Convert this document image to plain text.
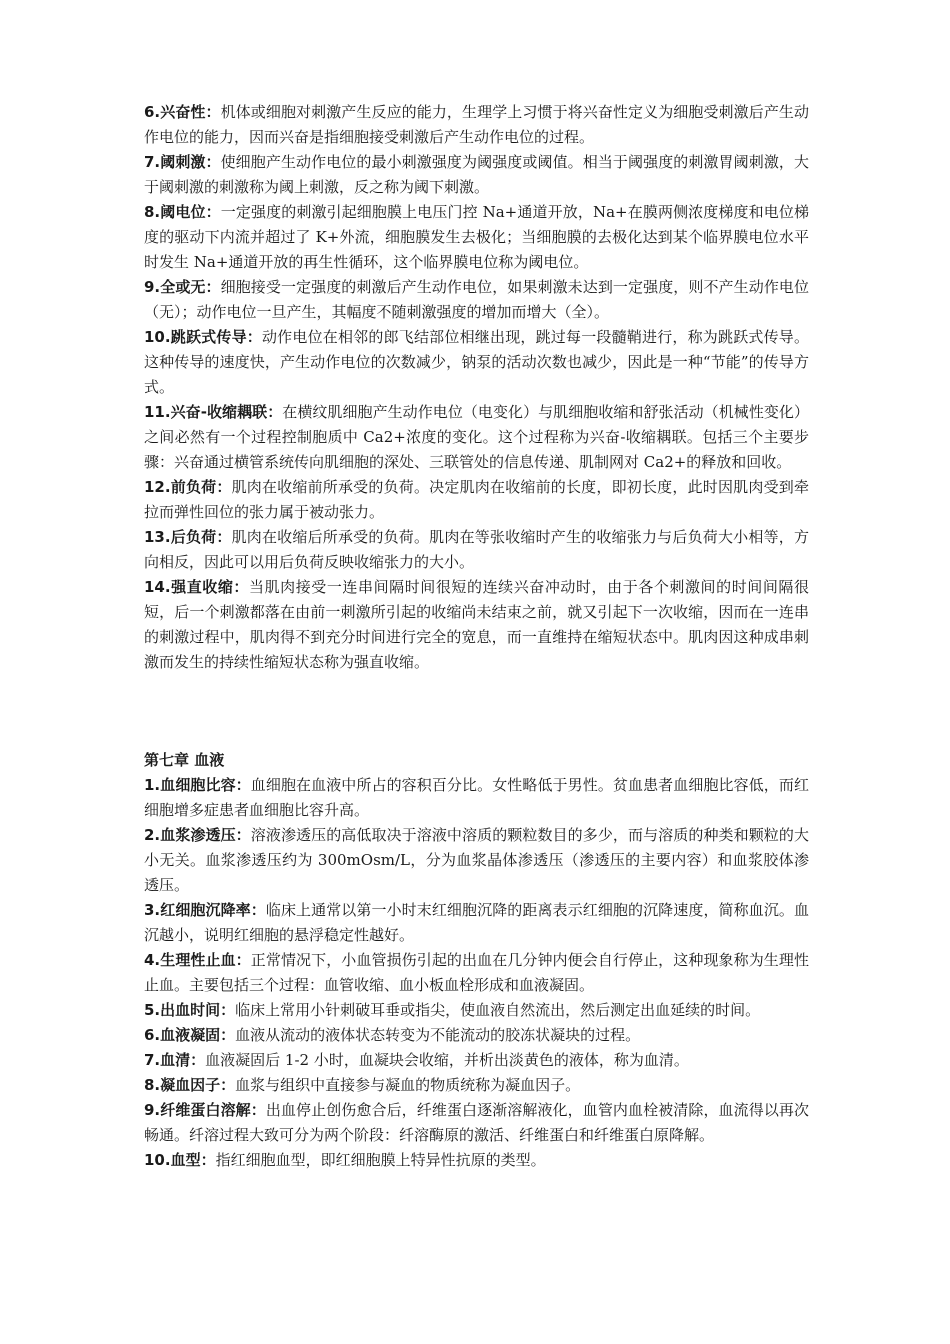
6.兴奋性：机体或细胞对刺激产生反应的能力，生理学上习惯于将兴奋性定义为细胞受刺激后产生动作电位的能力，因而兴奋是指细胞接受刺激后产生动作电位的过程。

7.阈刺激：使细胞产生动作电位的最小刺激强度为阈强度或阈值。相当于阈强度的刺激胃阈刺激，大于阈刺激的刺激称为阈上刺激，反之称为阈下刺激。

8.阈电位：一定强度的刺激引起细胞膜上电压门控 Na+通道开放，Na+在膜两侧浓度梯度和电位梯度的驱动下内流并超过了 K+外流，细胞膜发生去极化；当细胞膜的去极化达到某个临界膜电位水平时发生 Na+通道开放的再生性循环，这个临界膜电位称为阈电位。

9.全或无：细胞接受一定强度的刺激后产生动作电位，如果刺激未达到一定强度，则不产生动作电位（无）；动作电位一旦产生，其幅度不随刺激强度的增加而增大（全）。

10.跳跃式传导：动作电位在相邻的郎飞结部位相继出现，跳过每一段髓鞘进行，称为跳跃式传导。这种传导的速度快，产生动作电位的次数减少，钠泵的活动次数也减少，因此是一种“节能”的传导方式。

11.兴奋-收缩耦联：在横纹肌细胞产生动作电位（电变化）与肌细胞收缩和舒张活动（机械性变化）之间必然有一个过程控制胞质中 Ca2+浓度的变化。这个过程称为兴奋-收缩耦联。包括三个主要步骤：兴奋通过横管系统传向肌细胞的深处、三联管处的信息传递、肌制网对 Ca2+的释放和回收。

12.前负荷：肌肉在收缩前所承受的负荷。决定肌肉在收缩前的长度，即初长度，此时因肌肉受到牵拉而弹性回位的张力属于被动张力。

13.后负荷：肌肉在收缩后所承受的负荷。肌肉在等张收缩时产生的收缩张力与后负荷大小相等，方向相反，因此可以用后负荷反映收缩张力的大小。

14.强直收缩：当肌肉接受一连串间隔时间很短的连续兴奋冲动时，由于各个刺激间的时间间隔很短，后一个刺激都落在由前一刺激所引起的收缩尚未结束之前，就又引起下一次收缩，因而在一连串的刺激过程中，肌肉得不到充分时间进行完全的宽息，而一直维持在缩短状态中。肌肉因这种成串刺激而发生的持续性缩短状态称为强直收缩。

第七章 血液

1.血细胞比容：血细胞在血液中所占的容积百分比。女性略低于男性。贫血患者血细胞比容低，而红细胞增多症患者血细胞比容升高。

2.血浆渗透压：溶液渗透压的高低取决于溶液中溶质的颗粒数目的多少，而与溶质的种类和颗粒的大小无关。血浆渗透压约为 300mOsm/L，分为血浆晶体渗透压（渗透压的主要内容）和血浆胶体渗透压。

3.红细胞沉降率：临床上通常以第一小时末红细胞沉降的距离表示红细胞的沉降速度，简称血沉。血沉越小，说明红细胞的悬浮稳定性越好。

4.生理性止血：正常情况下，小血管损伤引起的出血在几分钟内便会自行停止，这种现象称为生理性止血。主要包括三个过程：血管收缩、血小板血栓形成和血液凝固。

5.出血时间：临床上常用小针刺破耳垂或指尖，使血液自然流出，然后测定出血延续的时间。

6.血液凝固：血液从流动的液体状态转变为不能流动的胶冻状凝块的过程。

7.血清：血液凝固后 1-2 小时，血凝块会收缩，并析出淡黄色的液体，称为血清。

8.凝血因子：血浆与组织中直接参与凝血的物质统称为凝血因子。

9.纤维蛋白溶解：出血停止创伤愈合后，纤维蛋白逐渐溶解液化，血管内血栓被清除，血流得以再次畅通。纤溶过程大致可分为两个阶段：纤溶酶原的激活、纤维蛋白和纤维蛋白原降解。

10.血型：指红细胞血型，即红细胞膜上特异性抗原的类型。
